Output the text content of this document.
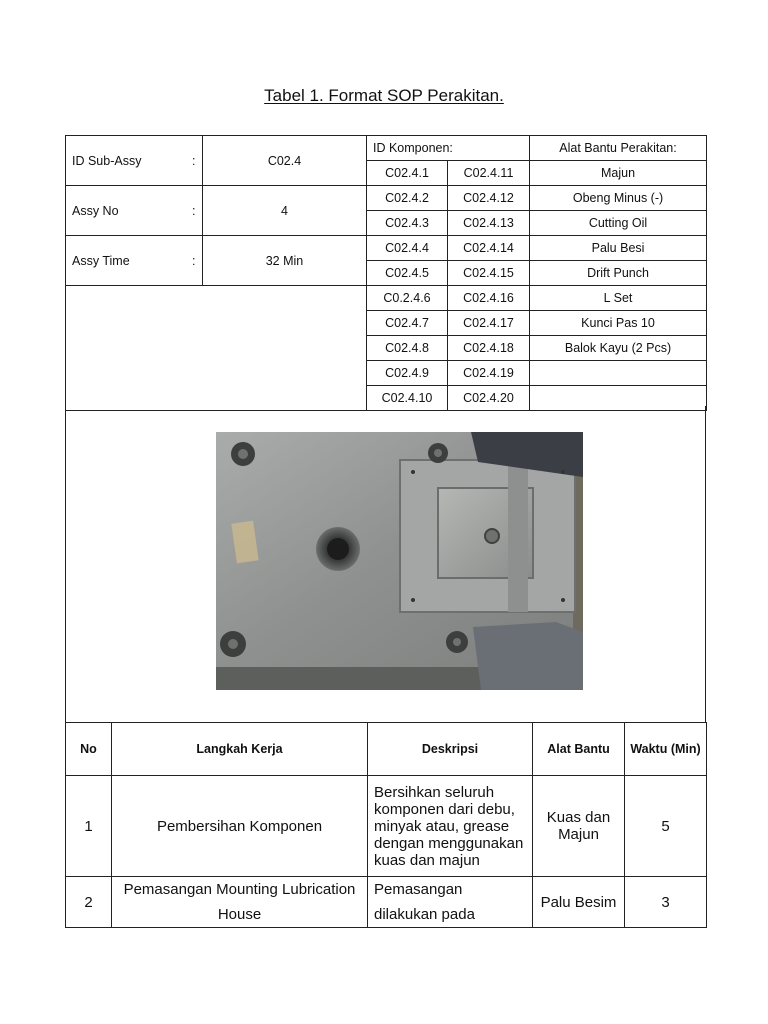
Tabel 1. Format SOP Perakitan.
ID Sub-Assy :	C02.4	ID Komponen:		Alat Bantu Perakitan:
		C02.4.1	C02.4.11	Majun
Assy No :	4	C02.4.2	C02.4.12	Obeng Minus (-)
		C02.4.3	C02.4.13	Cutting Oil
Assy Time :	32 Min	C02.4.4	C02.4.14	Palu Besi
		C02.4.5	C02.4.15	Drift Punch
		C0.2.4.6	C02.4.16	L Set
		C02.4.7	C02.4.17	Kunci Pas 10
		C02.4.8	C02.4.18	Balok Kayu (2 Pcs)
		C02.4.9	C02.4.19	
		C02.4.10	C02.4.20	
No	Langkah Kerja	Deskripsi	Alat Bantu	Waktu (Min)
1	Pembersihan Komponen	Bersihkan seluruh komponen dari debu, minyak atau, grease dengan menggunakan kuas dan majun	Kuas dan Majun	5
2	Pemasangan Mounting Lubrication House	Pemasangan dilakukan pada	Palu Besim	3
